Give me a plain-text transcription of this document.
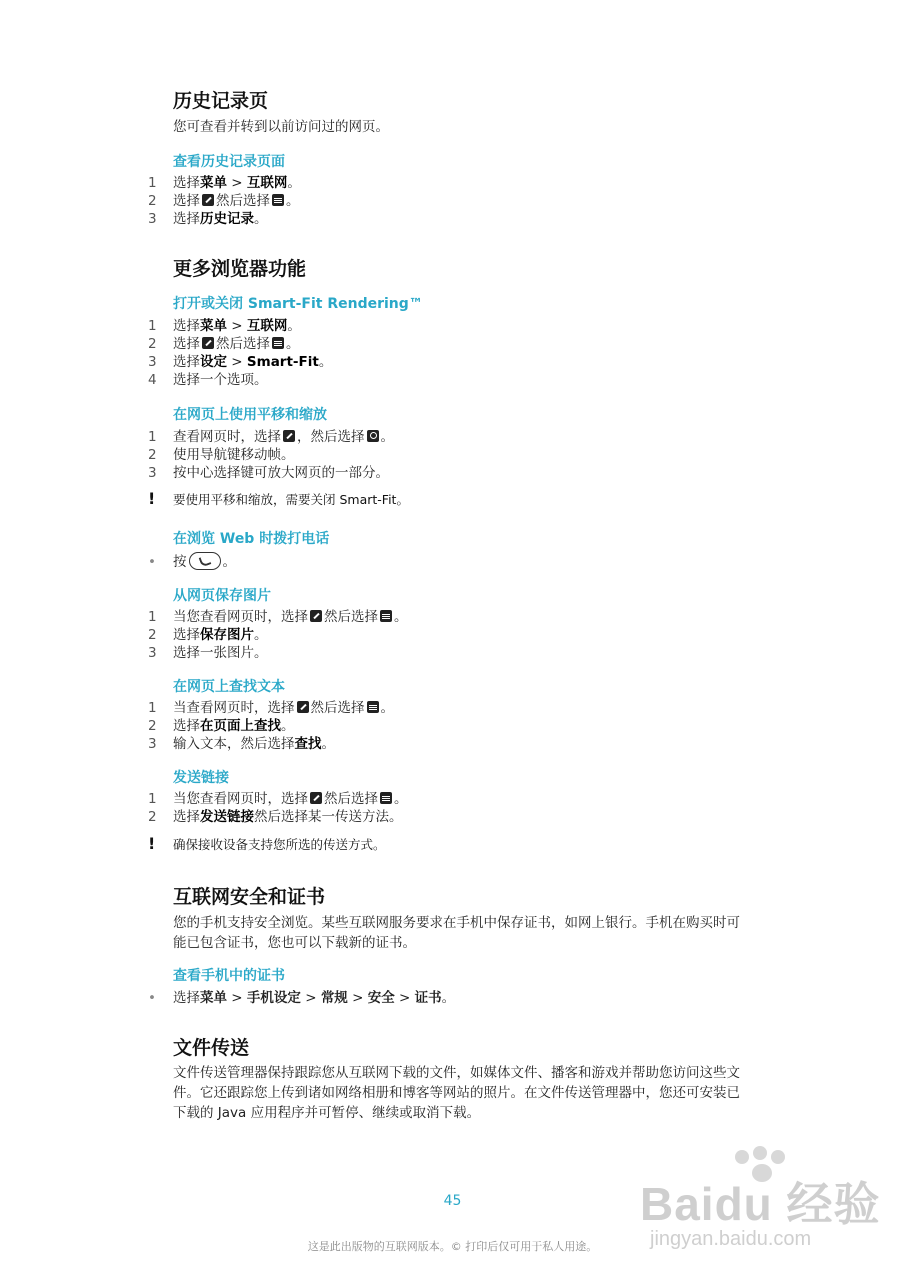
历史记录页
您可查看并转到以前访问过的网页。
查看历史记录页面
1 选择菜单 > 互联网。
2 选择 然后选择 。
3 选择历史记录。
更多浏览器功能
打开或关闭 Smart-Fit Rendering™
1 选择菜单 > 互联网。
2 选择 然后选择 。
3 选择设定 > Smart-Fit。
4 选择一个选项。
在网页上使用平移和缩放
1 查看网页时，选择 ，然后选择 。
2 使用导航键移动帧。
3 按中心选择键可放大网页的一部分。
! 要使用平移和缩放，需要关闭 Smart-Fit。
在浏览 Web 时拨打电话
• 按	。
从网页保存图片
1 当您查看网页时，选择 然后选择 。
2 选择保存图片。
3 选择一张图片。
在网页上查找文本
1 当查看网页时，选择 然后选择 。
2 选择在页面上查找。
3 输入文本，然后选择查找。
发送链接
1 当您查看网页时，选择 然后选择 。
2 选择发送链接然后选择某一传送方法。
! 确保接收设备支持您所选的传送方式。
互联网安全和证书
您的手机支持安全浏览。某些互联网服务要求在手机中保存证书，如网上银行。手机在购买时可能已包含证书，您也可以下载新的证书。
查看手机中的证书
• 选择菜单 > 手机设定 > 常规 > 安全 > 证书。
文件传送
文件传送管理器保持跟踪您从互联网下载的文件，如媒体文件、播客和游戏并帮助您访问这些文件。它还跟踪您上传到诸如网络相册和博客等网站的照片。在文件传送管理器中，您还可安装已下载的 Java 应用程序并可暂停、继续或取消下载。
45
这是此出版物的互联网版本。© 打印后仅可用于私人用途。
Baidu 经验
jingyan.baidu.com
